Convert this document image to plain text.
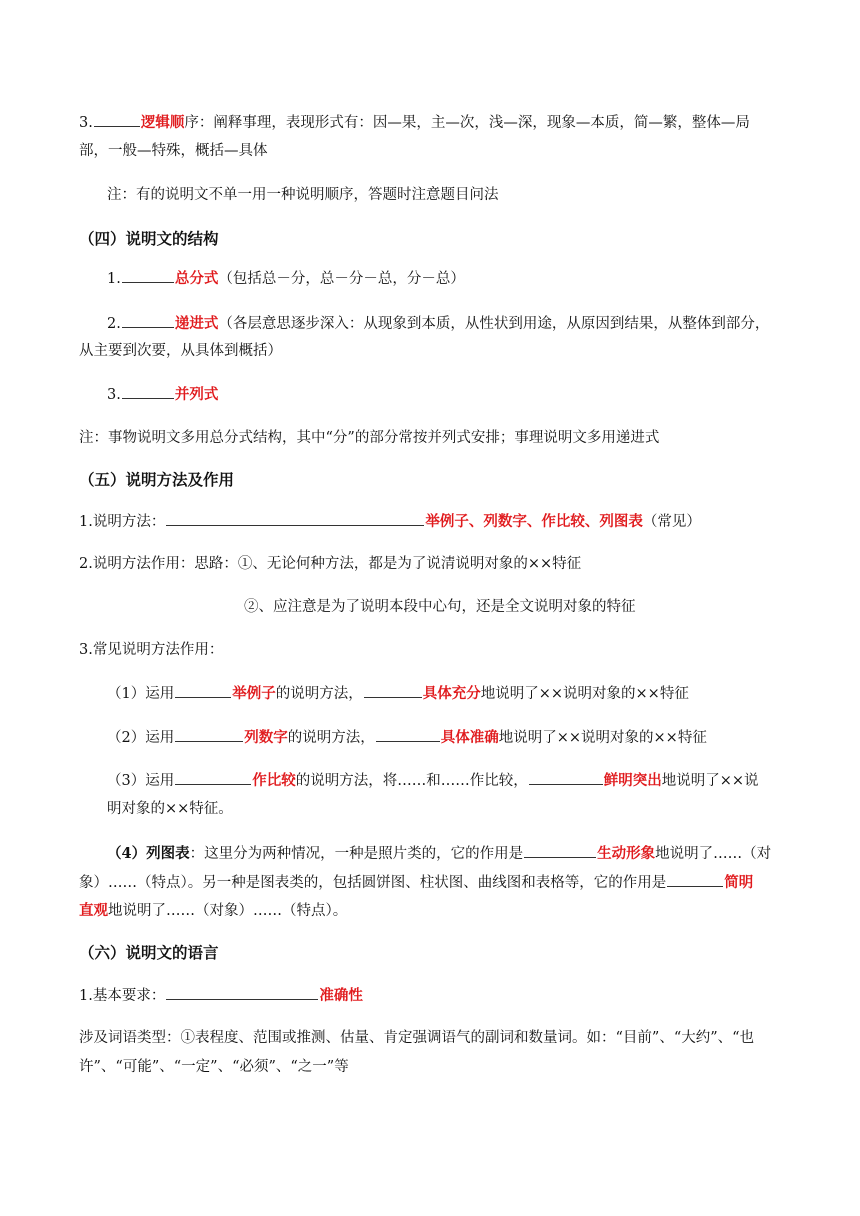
3.	逻辑顺序：阐释事理，表现形式有：因—果，主—次，浅—深，现象—本质，简—繁，整体—局
部，一般—特殊，概括—具体
注：有的说明文不单一用一种说明顺序，答题时注意题目问法
（四）说明文的结构
1.	总分式（包括总－分，总－分－总，分－总）
2.	递进式（各层意思逐步深入：从现象到本质，从性状到用途，从原因到结果，从整体到部分，
从主要到次要，从具体到概括）
3.	并列式
注：事物说明文多用总分式结构，其中“分”的部分常按并列式安排；事理说明文多用递进式
（五）说明方法及作用
1.说明方法：	举例子、列数字、作比较、列图表（常见）
2.说明方法作用：思路：①、无论何种方法，都是为了说清说明对象的××特征
②、应注意是为了说明本段中心句，还是全文说明对象的特征
3.常见说明方法作用：
（1）运用	举例子的说明方法，	具体充分地说明了××说明对象的××特征
（2）运用	列数字的说明方法，	具体准确地说明了××说明对象的××特征
（3）运用	作比较的说明方法，将……和……作比较，	鲜明突出地说明了××说
明对象的××特征。
（4）列图表：这里分为两种情况，一种是照片类的，它的作用是	生动形象地说明了……（对
象）……（特点）。另一种是图表类的，包括圆饼图、柱状图、曲线图和表格等，它的作用是	简明
直观地说明了……（对象）……（特点）。
（六）说明文的语言
1.基本要求：	准确性
涉及词语类型：①表程度、范围或推测、估量、肯定强调语气的副词和数量词。如：“目前”、“大约”、“也
许”、“可能”、“一定”、“必须”、“之一”等
